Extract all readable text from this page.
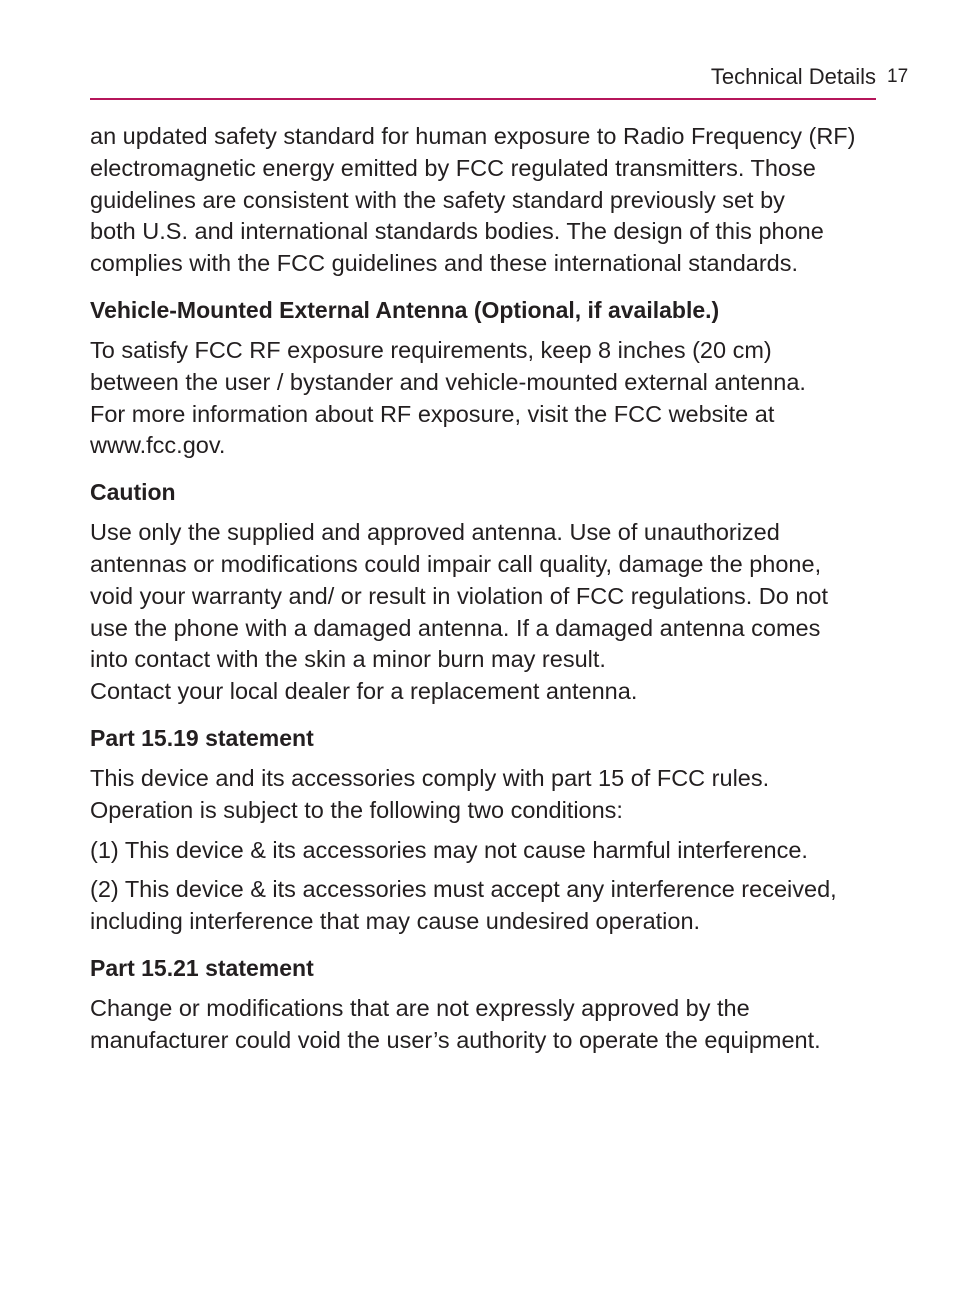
Technical Details 17

an updated safety standard for human exposure to Radio Frequency (RF)
electromagnetic energy emitted by FCC regulated transmitters. Those
guidelines are consistent with the safety standard previously set by
both U.S. and international standards bodies. The design of this phone
complies with the FCC guidelines and these international standards.

Vehicle-Mounted External Antenna (Optional, if available.)

To satisfy FCC RF exposure requirements, keep 8 inches (20 cm)
between the user / bystander and vehicle-mounted external antenna.
For more information about RF exposure, visit the FCC website at
www.fcc.gov.

Caution

Use only the supplied and approved antenna. Use of unauthorized
antennas or modifications could impair call quality, damage the phone,
void your warranty and/ or result in violation of FCC regulations. Do not
use the phone with a damaged antenna. If a damaged antenna comes
into contact with the skin a minor burn may result.
Contact your local dealer for a replacement antenna.

Part 15.19 statement

This device and its accessories comply with part 15 of FCC rules.
Operation is subject to the following two conditions:

(1) This device & its accessories may not cause harmful interference.

(2) This device & its accessories must accept any interference received,
including interference that may cause undesired operation.

Part 15.21 statement

Change or modifications that are not expressly approved by the
manufacturer could void the user’s authority to operate the equipment.
